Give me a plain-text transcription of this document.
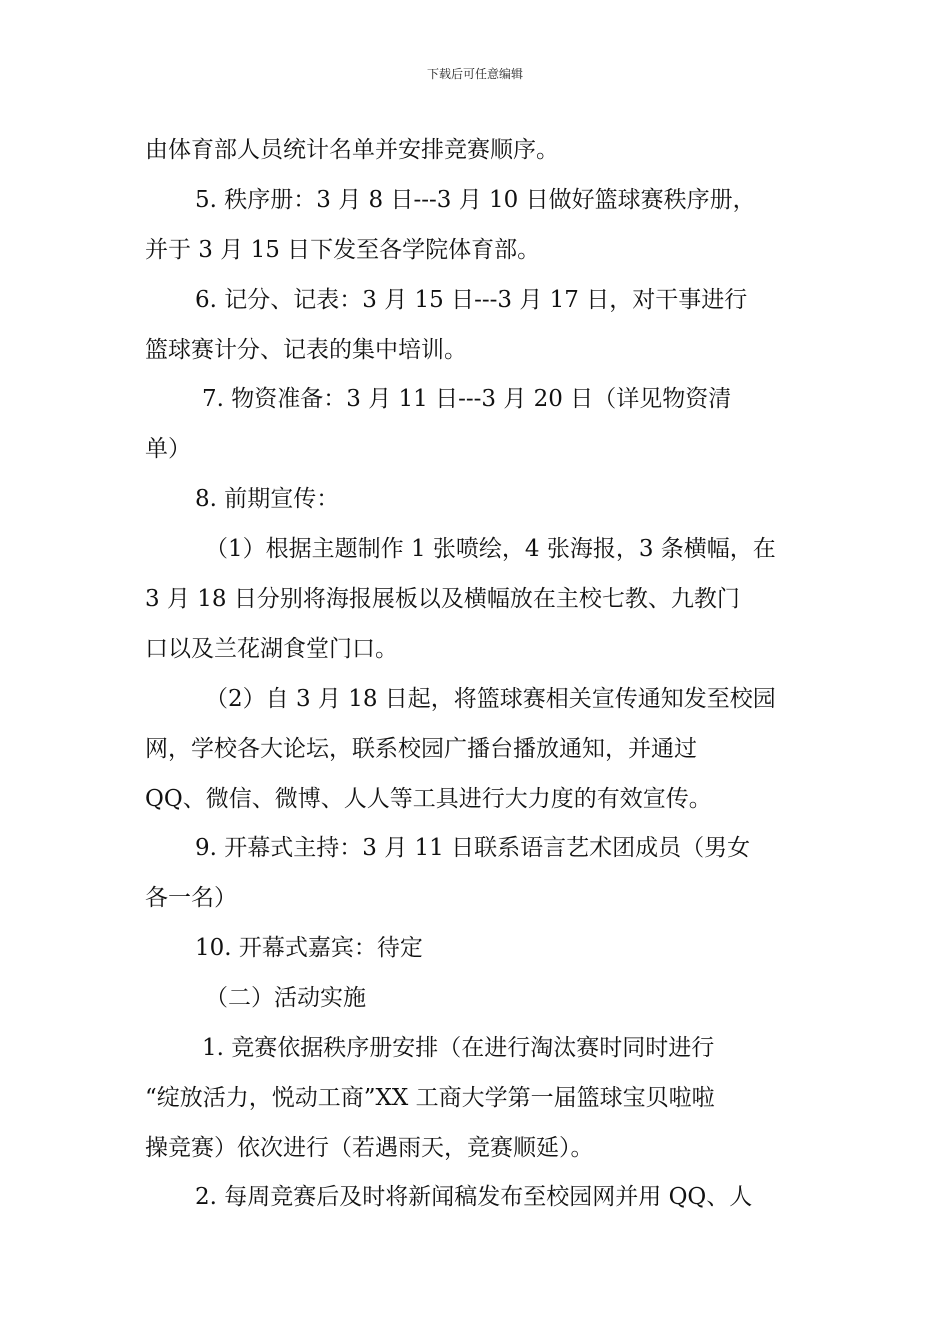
下载后可任意编辑
由体育部人员统计名单并安排竞赛顺序。
5. 秩序册：3 月 8 日---3 月 10 日做好篮球赛秩序册，
并于 3 月 15 日下发至各学院体育部。
6. 记分、记表：3 月 15 日---3 月 17 日，对干事进行
篮球赛计分、记表的集中培训。
7. 物资准备：3 月 11 日---3 月 20 日（详见物资清
单）
8. 前期宣传：
（1）根据主题制作 1 张喷绘，4 张海报，3 条横幅，在
3 月 18 日分别将海报展板以及横幅放在主校七教、九教门
口以及兰花湖食堂门口。
（2）自 3 月 18 日起，将篮球赛相关宣传通知发至校园
网，学校各大论坛，联系校园广播台播放通知，并通过
QQ、微信、微博、人人等工具进行大力度的有效宣传。
9. 开幕式主持：3 月 11 日联系语言艺术团成员（男女
各一名）
10. 开幕式嘉宾：待定
（二）活动实施
1. 竞赛依据秩序册安排（在进行淘汰赛时同时进行
“绽放活力，悦动工商”XX 工商大学第一届篮球宝贝啦啦
操竞赛）依次进行（若遇雨天，竞赛顺延）。
2. 每周竞赛后及时将新闻稿发布至校园网并用 QQ、人
